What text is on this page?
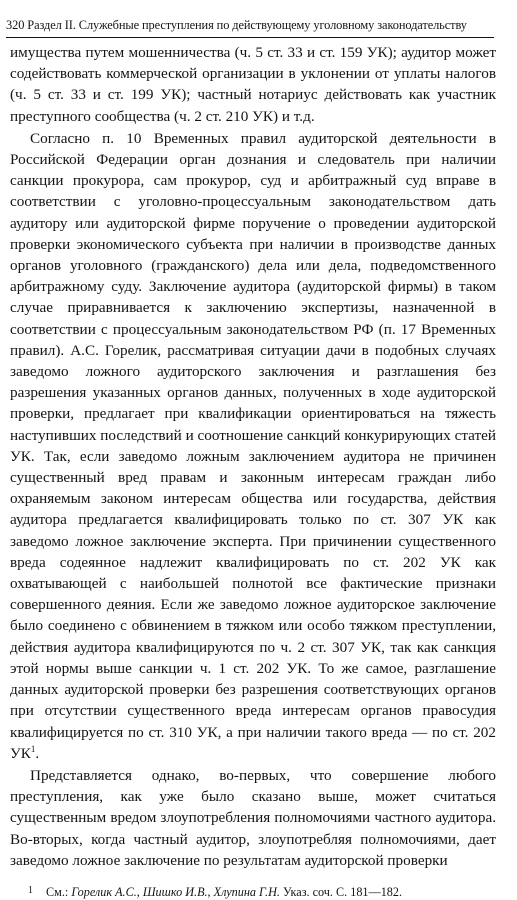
320 Раздел II. Служебные преступления по действующему уголовному законодательству

имущества путем мошенничества (ч. 5 ст. 33 и ст. 159 УК); аудитор может содействовать коммерческой организации в уклонении от уплаты налогов (ч. 5 ст. 33 и ст. 199 УК); частный нотариус действовать как участник преступного сообщества (ч. 2 ст. 210 УК) и т.д.

Согласно п. 10 Временных правил аудиторской деятельности в Российской Федерации орган дознания и следователь при наличии санкции прокурора, сам прокурор, суд и арбитражный суд вправе в соответствии с уголовно-процессуальным законодательством дать аудитору или аудиторской фирме поручение о проведении аудиторской проверки экономического субъекта при наличии в производстве данных органов уголовного (гражданского) дела или дела, подведомственного арбитражному суду. Заключение аудитора (аудиторской фирмы) в таком случае приравнивается к заключению экспертизы, назначенной в соответствии с процессуальным законодательством РФ (п. 17 Временных правил). А.С. Горелик, рассматривая ситуации дачи в подобных случаях заведомо ложного аудиторского заключения и разглашения без разрешения указанных органов данных, полученных в ходе аудиторской проверки, предлагает при квалификации ориентироваться на тяжесть наступивших последствий и соотношение санкций конкурирующих статей УК. Так, если заведомо ложным заключением аудитора не причинен существенный вред правам и законным интересам граждан либо охраняемым законом интересам общества или государства, действия аудитора предлагается квалифицировать только по ст. 307 УК как заведомо ложное заключение эксперта. При причинении существенного вреда содеянное надлежит квалифицировать по ст. 202 УК как охватывающей с наибольшей полнотой все фактические признаки совершенного деяния. Если же заведомо ложное аудиторское заключение было соединено с обвинением в тяжком или особо тяжком преступлении, действия аудитора квалифицируются по ч. 2 ст. 307 УК, так как санкция этой нормы выше санкции ч. 1 ст. 202 УК. То же самое, разглашение данных аудиторской проверки без разрешения соответствующих органов при отсутствии существенного вреда интересам органов правосудия квалифицируется по ст. 310 УК, а при наличии такого вреда — по ст. 202 $УК^1$.

Представляется однако, во-первых, что совершение любого преступления, как уже было сказано выше, может считаться существенным вредом злоупотребления полномочиями частного аудитора. Во-вторых, когда частный аудитор, злоупотребляя полномочиями, дает заведомо ложное заключение по результатам аудиторской проверки

1 См.: Горелик А.С., Шишко И.В., Хлупина Г.Н. Указ. соч. С. 181—182.
